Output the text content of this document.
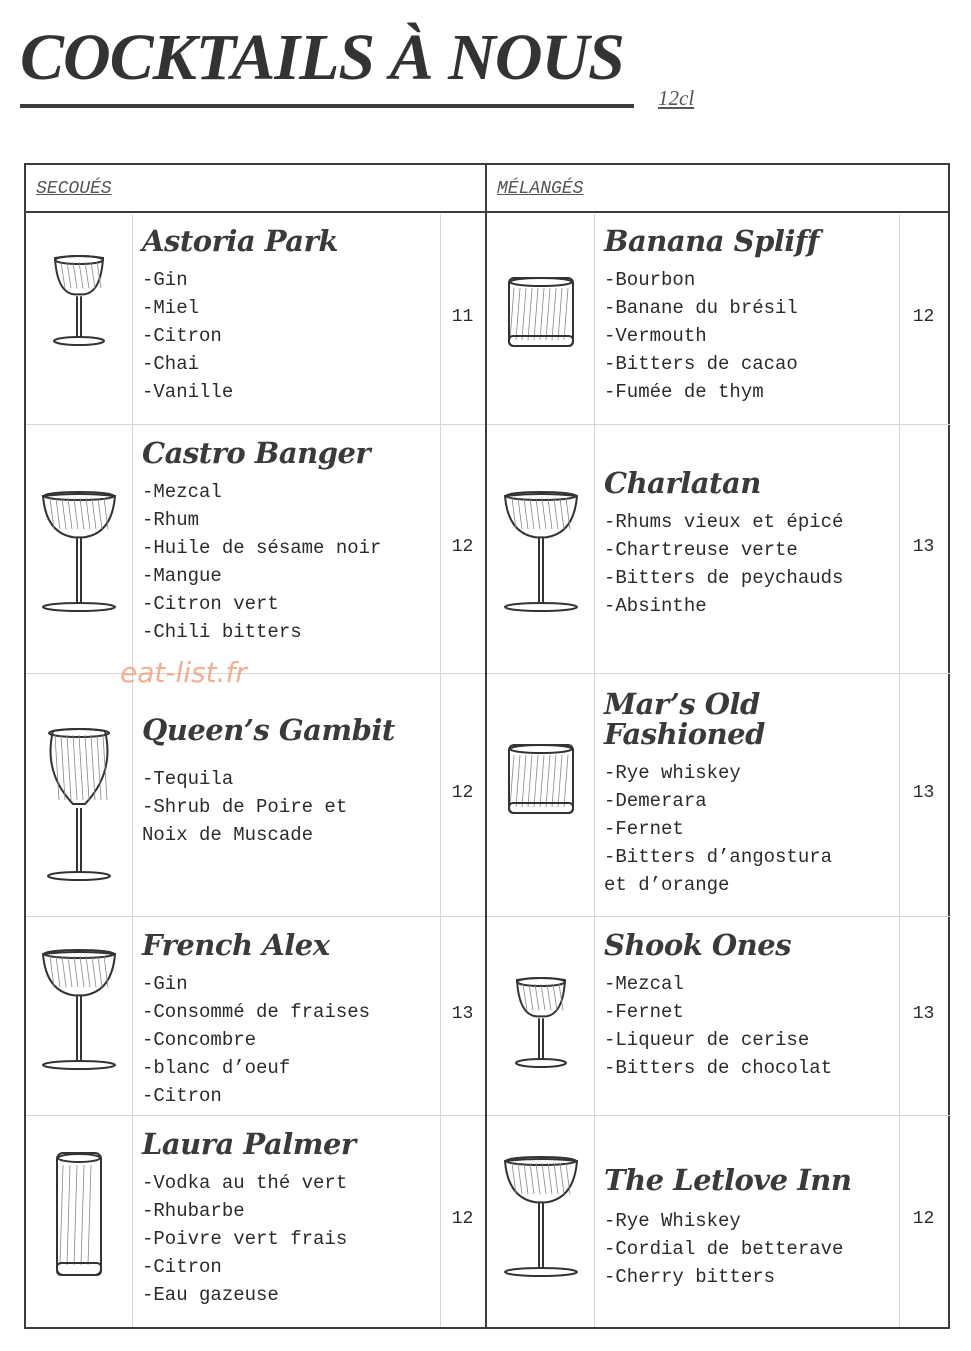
COCKTAILS À NOUS
12cl
SECOUÉS	MÉLANGÉS
Astoria Park
-Gin
-Miel
-Citron
-Chai
-Vanille
11
Castro Banger
-Mezcal
-Rhum
-Huile de sésame noir
-Mangue
-Citron vert
-Chili bitters
12
Queen’s Gambit
-Tequila
-Shrub de Poire et
Noix de Muscade
12
French Alex
-Gin
-Consommé de fraises
-Concombre
-blanc d’oeuf
-Citron
13
Laura Palmer
-Vodka au thé vert
-Rhubarbe
-Poivre vert frais
-Citron
-Eau gazeuse
12
Banana Spliff
-Bourbon
-Banane du brésil
-Vermouth
-Bitters de cacao
-Fumée de thym
12
Charlatan
-Rhums vieux et épicé
-Chartreuse verte
-Bitters de peychauds
-Absinthe
13
Mar’s Old Fashioned
-Rye whiskey
-Demerara
-Fernet
-Bitters d’angostura
et d’orange
13
Shook Ones
-Mezcal
-Fernet
-Liqueur de cerise
-Bitters de chocolat
13
The Letlove Inn
-Rye Whiskey
-Cordial de betterave
-Cherry bitters
12
eat-list.fr
